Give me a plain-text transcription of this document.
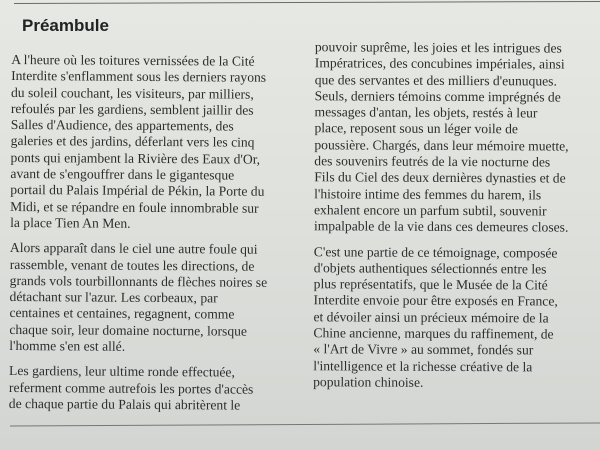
Préambule

A l'heure où les toitures vernissées de la Cité
Interdite s'enflamment sous les derniers rayons
du soleil couchant, les visiteurs, par milliers,
refoulés par les gardiens, semblent jaillir des
Salles d'Audience, des appartements, des
galeries et des jardins, déferlant vers les cinq
ponts qui enjambent la Rivière des Eaux d'Or,
avant de s'engouffrer dans le gigantesque
portail du Palais Impérial de Pékin, la Porte du
Midi, et se répandre en foule innombrable sur
la place Tien An Men.

Alors apparaît dans le ciel une autre foule qui
rassemble, venant de toutes les directions, de
grands vols tourbillonnants de flèches noires se
détachant sur l'azur. Les corbeaux, par
centaines et centaines, regagnent, comme
chaque soir, leur domaine nocturne, lorsque
l'homme s'en est allé.

Les gardiens, leur ultime ronde effectuée,
referment comme autrefois les portes d'accès
de chaque partie du Palais qui abritèrent le

pouvoir suprême, les joies et les intrigues des
Impératrices, des concubines impériales, ainsi
que des servantes et des milliers d'eunuques.
Seuls, derniers témoins comme imprégnés de
messages d'antan, les objets, restés à leur
place, reposent sous un léger voile de
poussière. Chargés, dans leur mémoire muette,
des souvenirs feutrés de la vie nocturne des
Fils du Ciel des deux dernières dynasties et de
l'histoire intime des femmes du harem, ils
exhalent encore un parfum subtil, souvenir
impalpable de la vie dans ces demeures closes.

C'est une partie de ce témoignage, composée
d'objets authentiques sélectionnés entre les
plus représentatifs, que le Musée de la Cité
Interdite envoie pour être exposés en France,
et dévoiler ainsi un précieux mémoire de la
Chine ancienne, marques du raffinement, de
« l'Art de Vivre » au sommet, fondés sur
l'intelligence et la richesse créative de la
population chinoise.
